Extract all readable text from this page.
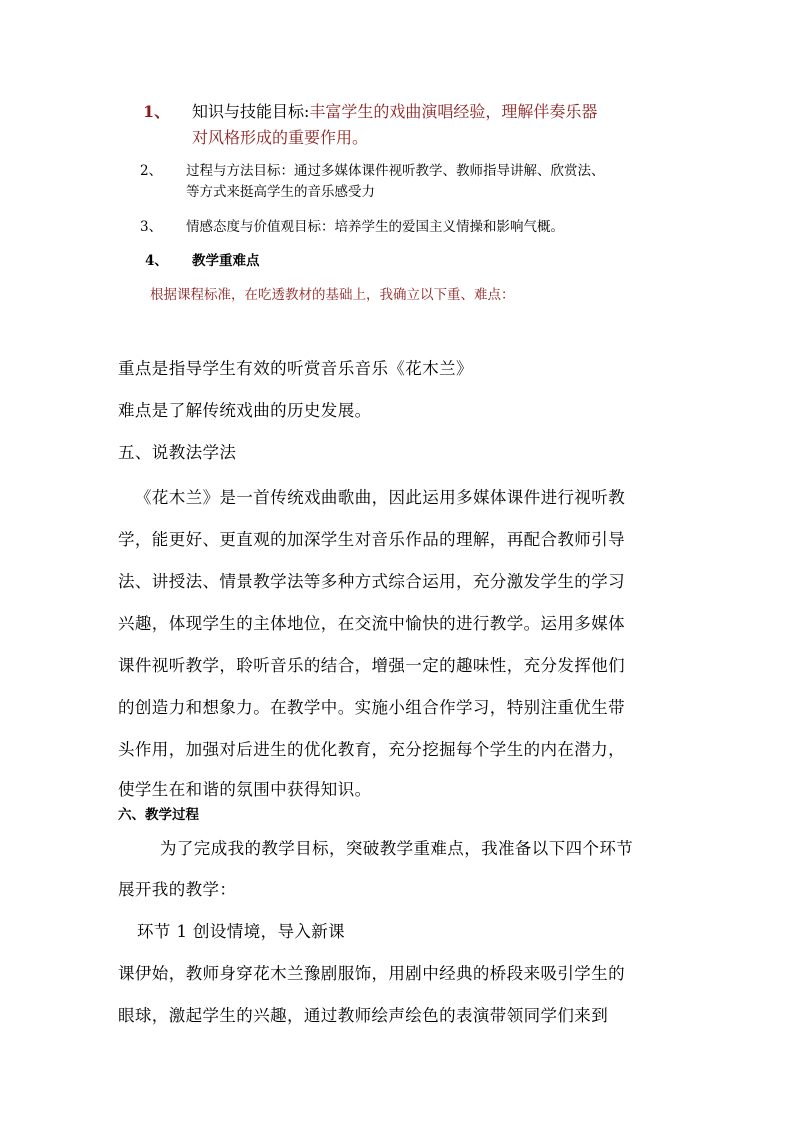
1、 知识与技能目标:丰富学生的戏曲演唱经验，理解伴奏乐器
对风格形成的重要作用。
2、 过程与方法目标：通过多媒体课件视听教学、教师指导讲解、欣赏法、
等方式来挺高学生的音乐感受力
3、 情感态度与价值观目标：培养学生的爱国主义情操和影响气概。
4、 教学重难点
根据课程标准，在吃透教材的基础上，我确立以下重、难点：
重点是指导学生有效的听赏音乐音乐《花木兰》
难点是了解传统戏曲的历史发展。
五、说教法学法
《花木兰》是一首传统戏曲歌曲，因此运用多媒体课件进行视听教
学，能更好、更直观的加深学生对音乐作品的理解，再配合教师引导
法、讲授法、情景教学法等多种方式综合运用，充分激发学生的学习
兴趣，体现学生的主体地位，在交流中愉快的进行教学。运用多媒体
课件视听教学，聆听音乐的结合，增强一定的趣味性，充分发挥他们
的创造力和想象力。在教学中。实施小组合作学习，特别注重优生带
头作用，加强对后进生的优化教育，充分挖掘每个学生的内在潜力，
使学生在和谐的氛围中获得知识。
六、教学过程
为了完成我的教学目标，突破教学重难点，我准备以下四个环节
展开我的教学：
环节 1 创设情境，导入新课
课伊始，教师身穿花木兰豫剧服饰，用剧中经典的桥段来吸引学生的
眼球，激起学生的兴趣，通过教师绘声绘色的表演带领同学们来到
